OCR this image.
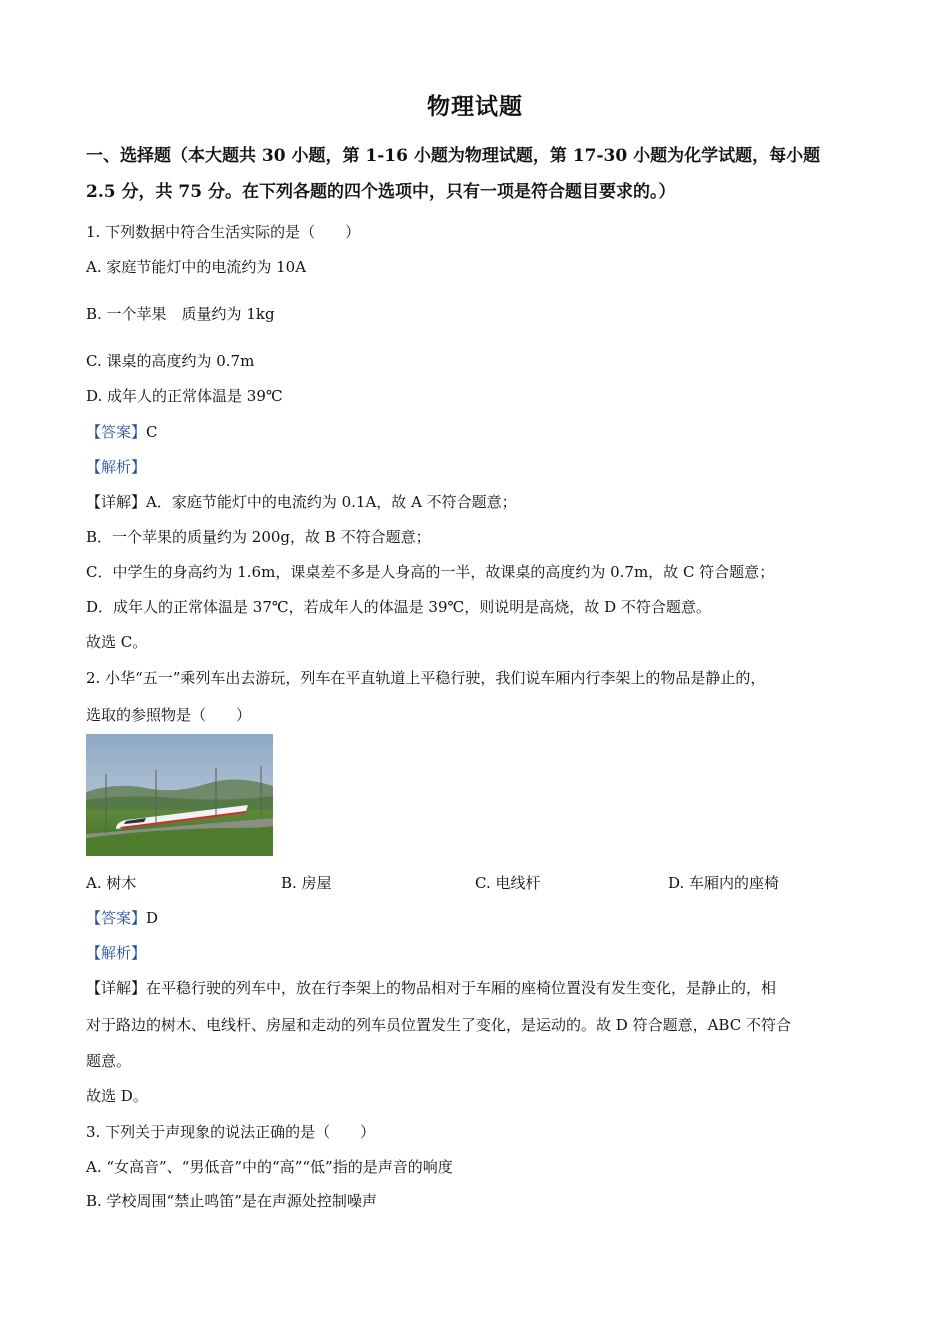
物理试题
一、选择题（本大题共 30 小题，第 1-16 小题为物理试题，第 17-30 小题为化学试题，每小题
2.5 分，共 75 分。在下列各题的四个选项中，只有一项是符合题目要求的。）
1. 下列数据中符合生活实际的是（　　）
A. 家庭节能灯中的电流约为 10A
B. 一个苹果　质量约为 1kg
C. 课桌的高度约为 0.7m
D. 成年人的正常体温是 39℃
【答案】C
【解析】
【详解】A．家庭节能灯中的电流约为 0.1A，故 A 不符合题意；
B．一个苹果的质量约为 200g，故 B 不符合题意；
C．中学生的身高约为 1.6m，课桌差不多是人身高的一半，故课桌的高度约为 0.7m，故 C 符合题意；
D．成年人的正常体温是 37℃，若成年人的体温是 39℃，则说明是高烧，故 D 不符合题意。
故选 C。
2. 小华“五一”乘列车出去游玩，列车在平直轨道上平稳行驶，我们说车厢内行李架上的物品是静止的，
选取的参照物是（　　）
A. 树木	B. 房屋	C. 电线杆	D. 车厢内的座椅
【答案】D
【解析】
【详解】在平稳行驶的列车中，放在行李架上的物品相对于车厢的座椅位置没有发生变化，是静止的，相
对于路边的树木、电线杆、房屋和走动的列车员位置发生了变化，是运动的。故 D 符合题意，ABC 不符合
题意。
故选 D。
3. 下列关于声现象的说法正确的是（　　）
A. “女高音”、“男低音”中的“高”“低”指的是声音的响度
B. 学校周围“禁止鸣笛”是在声源处控制噪声
